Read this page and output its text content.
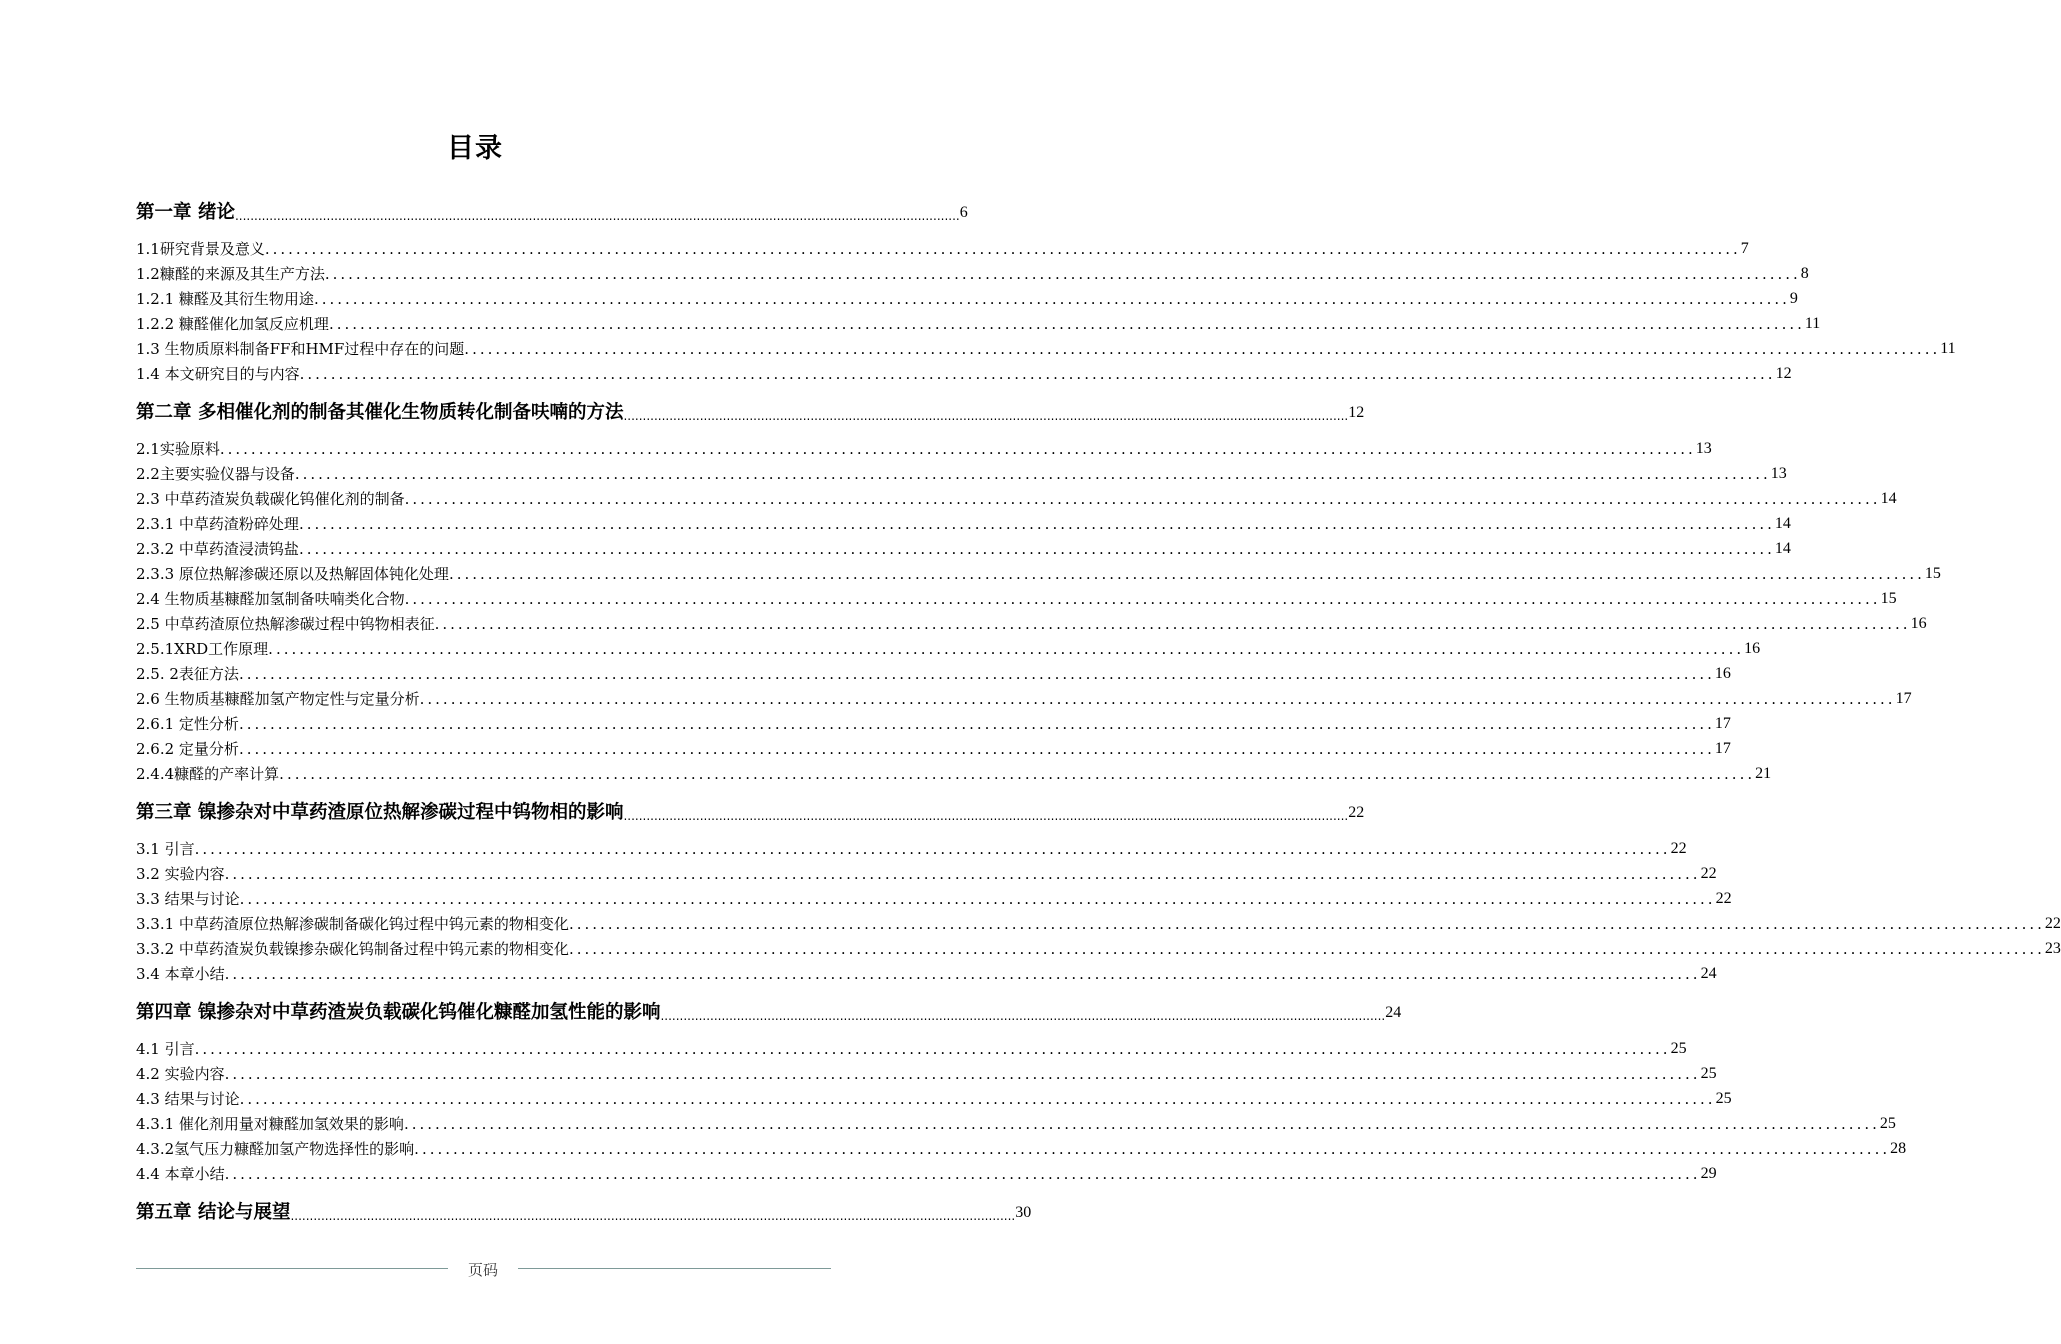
目录
第一章 绪论 .............................................................................................................................................................................................. 6
1.1研究背景及意义 .............................................................................................................................................................................................. 7
1.2糠醛的来源及其生产方法 .............................................................................................................................................................................................. 8
1.2.1 糠醛及其衍生物用途 .............................................................................................................................................................................................. 9
1.2.2 糠醛催化加氢反应机理 .............................................................................................................................................................................................. 11
1.3 生物质原料制备FF和HMF过程中存在的问题 .............................................................................................................................................................................................. 11
1.4 本文研究目的与内容 .............................................................................................................................................................................................. 12
第二章 多相催化剂的制备其催化生物质转化制备呋喃的方法 .............................................................................................................................................................................................. 12
2.1实验原料 .............................................................................................................................................................................................. 13
2.2主要实验仪器与设备 .............................................................................................................................................................................................. 13
2.3 中草药渣炭负载碳化钨催化剂的制备 .............................................................................................................................................................................................. 14
2.3.1 中草药渣粉碎处理 .............................................................................................................................................................................................. 14
2.3.2 中草药渣浸渍钨盐 .............................................................................................................................................................................................. 14
2.3.3 原位热解渗碳还原以及热解固体钝化处理 .............................................................................................................................................................................................. 15
2.4 生物质基糠醛加氢制备呋喃类化合物 .............................................................................................................................................................................................. 15
2.5 中草药渣原位热解渗碳过程中钨物相表征 .............................................................................................................................................................................................. 16
2.5.1XRD工作原理 .............................................................................................................................................................................................. 16
2.5. 2表征方法 .............................................................................................................................................................................................. 16
2.6 生物质基糠醛加氢产物定性与定量分析 .............................................................................................................................................................................................. 17
2.6.1 定性分析 .............................................................................................................................................................................................. 17
2.6.2 定量分析 .............................................................................................................................................................................................. 17
2.4.4糠醛的产率计算 .............................................................................................................................................................................................. 21
第三章 镍掺杂对中草药渣原位热解渗碳过程中钨物相的影响 .............................................................................................................................................................................................. 22
3.1 引言 .............................................................................................................................................................................................. 22
3.2 实验内容 .............................................................................................................................................................................................. 22
3.3 结果与讨论 .............................................................................................................................................................................................. 22
3.3.1 中草药渣原位热解渗碳制备碳化钨过程中钨元素的物相变化 .............................................................................................................................................................................................. 22
3.3.2 中草药渣炭负载镍掺杂碳化钨制备过程中钨元素的物相变化 .............................................................................................................................................................................................. 23
3.4 本章小结 .............................................................................................................................................................................................. 24
第四章 镍掺杂对中草药渣炭负载碳化钨催化糠醛加氢性能的影响 .............................................................................................................................................................................................. 24
4.1 引言 .............................................................................................................................................................................................. 25
4.2 实验内容 .............................................................................................................................................................................................. 25
4.3 结果与讨论 .............................................................................................................................................................................................. 25
4.3.1 催化剂用量对糠醛加氢效果的影响 .............................................................................................................................................................................................. 25
4.3.2氢气压力糠醛加氢产物选择性的影响 .............................................................................................................................................................................................. 28
4.4 本章小结 .............................................................................................................................................................................................. 29
第五章 结论与展望 .............................................................................................................................................................................................. 30
页码
